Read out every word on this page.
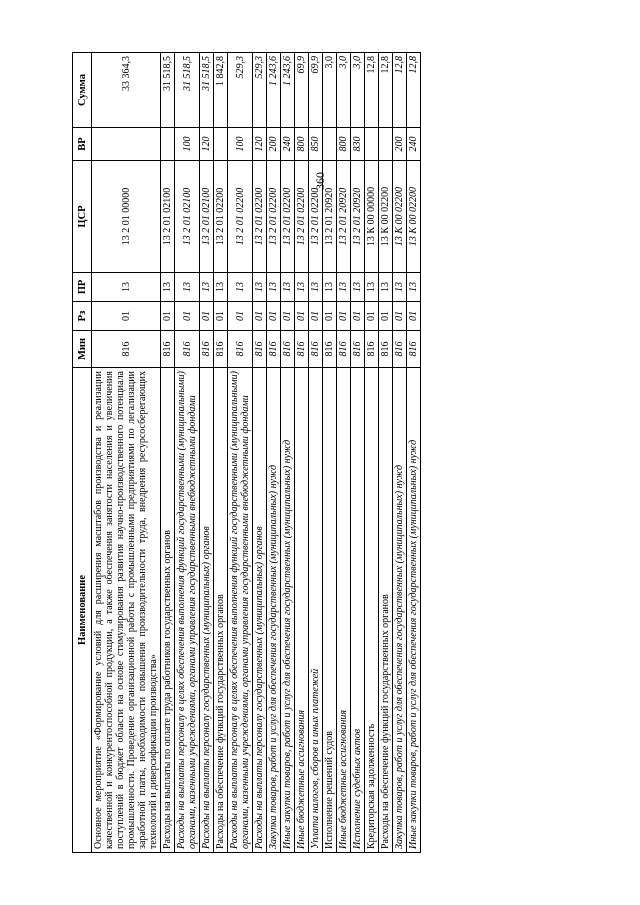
360
Наименование	Мин	Рз	ПР	ЦСР	ВР	Сумма
Основное мероприятие «Формирование условий для расширения масштабов производства и реализации качественной и конкурентоспособной продукции, а также обеспечения занятости населения и увеличения поступлений в бюджет области на основе стимулирования развития научно-производственного потенциала промышленности. Проведение организационной работы с промышленными предприятиями по легализации заработной платы, необходимости повышения производительности труда, внедрения ресурсосберегающих технологий и диверсификации производства»	816	01	13	13 2 01 00000		33 364,3
Расходы на выплаты по оплате труда работников государственных органов	816	01	13	13 2 01 02100		31 518,5
Расходы на выплаты персоналу в целях обеспечения выполнения функций государственными (муниципальными) органами, казенными учреждениями, органами управления государственными внебюджетными фондами	816	01	13	13 2 01 02100	100	31 518,5
Расходы на выплаты персоналу государственных (муниципальных) органов	816	01	13	13 2 01 02100	120	31 518,5
Расходы на обеспечение функций государственных органов	816	01	13	13 2 01 02200		1 842,8
Расходы на выплаты персоналу в целях обеспечения выполнения функций государственными (муниципальными) органами, казенными учреждениями, органами управления государственными внебюджетными фондами	816	01	13	13 2 01 02200	100	529,3
Расходы на выплаты персоналу государственных (муниципальных) органов	816	01	13	13 2 01 02200	120	529,3
Закупка товаров, работ и услуг для обеспечения государственных (муниципальных) нужд	816	01	13	13 2 01 02200	200	1 243,6
Иные закупки товаров, работ и услуг для обеспечения государственных (муниципальных) нужд	816	01	13	13 2 01 02200	240	1 243,6
Иные бюджетные ассигнования	816	01	13	13 2 01 02200	800	69,9
Уплата налогов, сборов и иных платежей	816	01	13	13 2 01 02200	850	69,9
Исполнение решений судов	816	01	13	13 2 01 20920		3,0
Иные бюджетные ассигнования	816	01	13	13 2 01 20920	800	3,0
Исполнение судебных актов	816	01	13	13 2 01 20920	830	3,0
Кредиторская задолженность	816	01	13	13 К 00 00000		12,8
Расходы на обеспечение функций государственных органов	816	01	13	13 К 00 02200		12,8
Закупка товаров, работ и услуг для обеспечения государственных (муниципальных) нужд	816	01	13	13 К 00 02200	200	12,8
Иные закупки товаров, работ и услуг для обеспечения государственных (муниципальных) нужд	816	01	13	13 К 00 02200	240	12,8
